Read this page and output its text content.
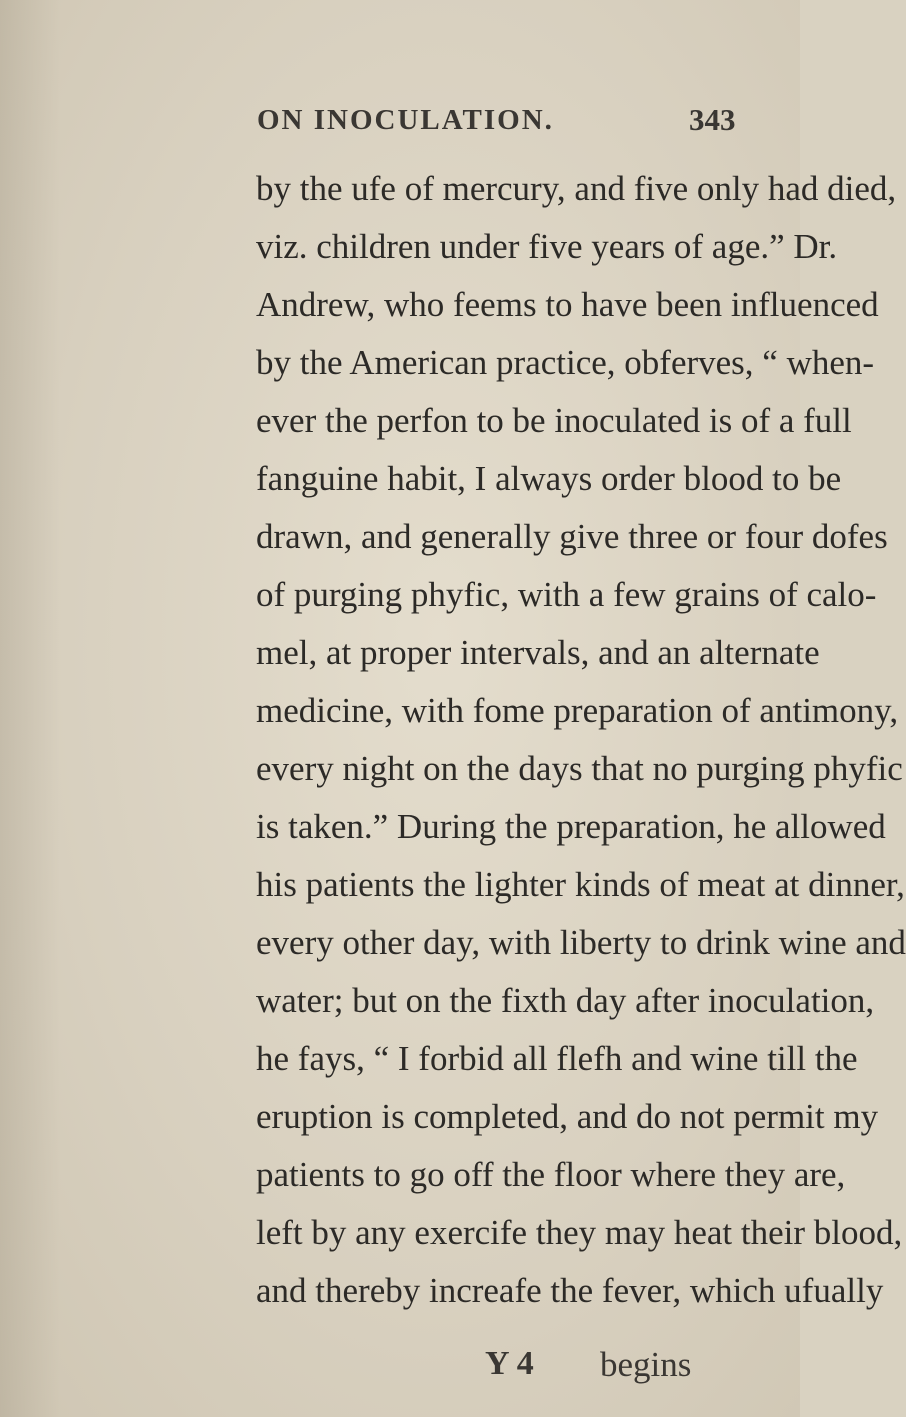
ON INOCULATION.	343
by the ufe of mercury, and five only had died,
viz. children under five years of age.” Dr.
Andrew, who feems to have been influenced
by the American practice, obferves, “ when-
ever the perfon to be inoculated is of a full
fanguine habit, I always order blood to be
drawn, and generally give three or four dofes
of purging phyfic, with a few grains of calo-
mel, at proper intervals, and an alternate
medicine, with fome preparation of antimony,
every night on the days that no purging phyfic
is taken.” During the preparation, he allowed
his patients the lighter kinds of meat at dinner,
every other day, with liberty to drink wine and
water; but on the fixth day after inoculation,
he fays, “ I forbid all flefh and wine till the
eruption is completed, and do not permit my
patients to go off the floor where they are,
left by any exercife they may heat their blood,
and thereby increafe the fever, which ufually
Y 4 begins
